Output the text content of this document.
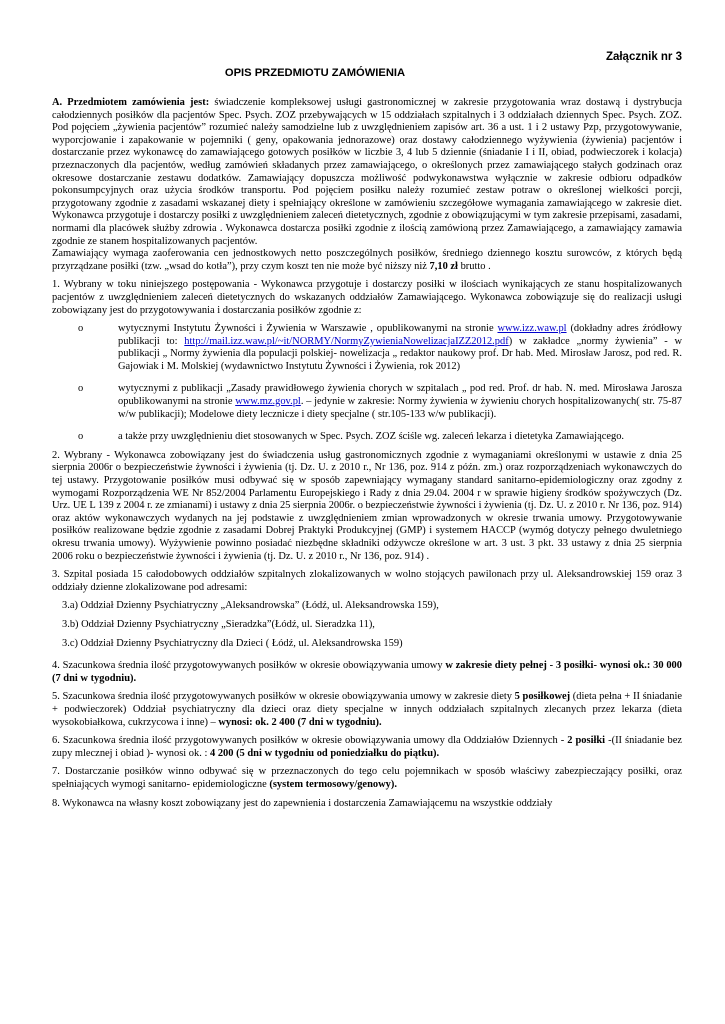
Załącznik nr 3
OPIS PRZEDMIOTU ZAMÓWIENIA

A. Przedmiotem zamówienia jest: świadczenie kompleksowej usługi gastronomicznej w zakresie przygotowania wraz dostawą i dystrybucja całodziennych posiłków dla pacjentów Spec. Psych. ZOZ przebywających w 15 oddziałach szpitalnych i 3 oddziałach dziennych Spec. Psych. ZOZ. Pod pojęciem „żywienia pacjentów” rozumieć należy samodzielne lub z uwzględnieniem zapisów art. 36 a ust. 1 i 2 ustawy Pzp, przygotowywanie, wyporcjowanie i zapakowanie w pojemniki ( geny, opakowania jednorazowe) oraz dostawy całodziennego wyżywienia (żywienia) pacjentów i dostarczanie przez wykonawcę do zamawiającego gotowych posiłków w liczbie 3, 4 lub 5 dziennie (śniadanie I i II, obiad, podwieczorek i kolacja) przeznaczonych dla pacjentów, według zamówień składanych przez zamawiającego, o określonych przez zamawiającego stałych godzinach oraz okresowe dostarczanie zestawu dodatków. Zamawiający dopuszcza możliwość podwykonawstwa wyłącznie w zakresie odbioru odpadków pokonsumpcyjnych oraz użycia środków transportu. Pod pojęciem posiłku należy rozumieć zestaw potraw o określonej wielkości porcji, przygotowany zgodnie z zasadami wskazanej diety i spełniający określone w zamówieniu szczegółowe wymagania zamawiającego w zakresie diet. Wykonawca przygotuje i dostarczy posiłki z uwzględnieniem zaleceń dietetycznych, zgodnie z obowiązującymi w tym zakresie przepisami, zasadami, normami dla placówek służby zdrowia . Wykonawca dostarcza posiłki zgodnie z ilością zamówioną przez Zamawiającego, a zamawiający zamawia zgodnie ze stanem hospitalizowanych pacjentów.

Zamawiający wymaga zaoferowania cen jednostkowych netto poszczególnych posiłków, średniego dziennego kosztu surowców, z których będą przyrządzane posiłki (tzw. „wsad do kotła”), przy czym koszt ten nie może być niższy niż 7,10 zł brutto .

1. Wybrany w toku niniejszego postępowania - Wykonawca przygotuje i dostarczy posiłki w ilościach wynikających ze stanu hospitalizowanych pacjentów z uwzględnieniem zaleceń dietetycznych do wskazanych oddziałów Zamawiającego. Wykonawca zobowiązuje się do realizacji usługi zobowiązany jest do przygotowywania i dostarczania posiłków zgodnie z:

o	wytycznymi Instytutu Żywności i Żywienia w Warszawie , opublikowanymi na stronie www.izz.waw.pl (dokładny adres źródłowy publikacji to: http://mail.izz.waw.pl/~it/NORMY/NormyZywieniaNowelizacjaIZZ2012.pdf) w zakładce „normy żywienia” - w publikacji „ Normy żywienia dla populacji polskiej- nowelizacja „ redaktor naukowy prof. Dr hab. Med. Mirosław Jarosz, pod red. R. Gajowiak i M. Molskiej (wydawnictwo Instytutu Żywności i Żywienia, rok 2012)

o	wytycznymi z publikacji „Zasady prawidłowego żywienia chorych w szpitalach „ pod red. Prof. dr hab. N. med. Mirosława Jarosza opublikowanymi na stronie www.mz.gov.pl. – jedynie w zakresie: Normy żywienia w żywieniu chorych hospitalizowanych( str. 75-87 w/w publikacji); Modelowe diety lecznicze i diety specjalne ( str.105-133 w/w publikacji).

o	a także przy uwzględnieniu diet stosowanych w Spec. Psych. ZOZ ściśle wg. zaleceń lekarza i dietetyka Zamawiającego.

2. Wybrany - Wykonawca zobowiązany jest do świadczenia usług gastronomicznych zgodnie z wymaganiami określonymi w ustawie z dnia 25 sierpnia 2006r o bezpieczeństwie żywności i żywienia (tj. Dz. U. z 2010 r., Nr 136, poz. 914 z późn. zm.) oraz rozporządzeniach wykonawczych do tej ustawy. Przygotowanie posiłków musi odbywać się w sposób zapewniający wymagany standard sanitarno-epidemiologiczny oraz zgodny z wymogami Rozporządzenia WE Nr 852/2004 Parlamentu Europejskiego i Rady z dnia 29.04. 2004 r w sprawie higieny środków spożywczych (Dz. Urz. UE L 139 z 2004 r. ze zmianami) i ustawy z dnia 25 sierpnia 2006r. o bezpieczeństwie żywności i żywienia (tj. Dz. U. z 2010 r. Nr 136, poz. 914) oraz aktów wykonawczych wydanych na jej podstawie z uwzględnieniem zmian wprowadzonych w okresie trwania umowy. Przygotowywanie posiłków realizowane będzie zgodnie z zasadami Dobrej Praktyki Produkcyjnej (GMP) i systemem HACCP (wymóg dotyczy pełnego dwuletniego okresu trwania umowy). Wyżywienie powinno posiadać niezbędne składniki odżywcze określone w art. 3 ust. 3 pkt. 33 ustawy z dnia 25 sierpnia 2006 roku o bezpieczeństwie żywności i żywienia (tj. Dz. U. z 2010 r., Nr 136, poz. 914) .

3. Szpital posiada 15 całodobowych oddziałów szpitalnych zlokalizowanych w wolno stojących pawilonach przy ul. Aleksandrowskiej 159 oraz 3 oddziały dzienne zlokalizowane pod adresami:

3.a) Oddział Dzienny Psychiatryczny „Aleksandrowska” (Łódź, ul. Aleksandrowska 159),

3.b) Oddział Dzienny Psychiatryczny „Sieradzka”(Łódź, ul. Sieradzka 11),

3.c) Oddział Dzienny Psychiatryczny dla Dzieci ( Łódź, ul. Aleksandrowska 159)

4. Szacunkowa średnia ilość przygotowywanych posiłków w okresie obowiązywania umowy w zakresie diety pełnej - 3 posiłki- wynosi ok.: 30 000 (7 dni w tygodniu).

5. Szacunkowa średnia ilość przygotowywanych posiłków w okresie obowiązywania umowy w zakresie diety 5 posiłkowej (dieta pełna + II śniadanie + podwieczorek) Oddział psychiatryczny dla dzieci oraz diety specjalne w innych oddziałach szpitalnych zlecanych przez lekarza (dieta wysokobiałkowa, cukrzycowa i inne) – wynosi: ok. 2 400 (7 dni w tygodniu).

6. Szacunkowa średnia ilość przygotowywanych posiłków w okresie obowiązywania umowy dla Oddziałów Dziennych - 2 posiłki -(II śniadanie bez zupy mlecznej i obiad )- wynosi ok. : 4 200 (5 dni w tygodniu od poniedziałku do piątku).

7. Dostarczanie posiłków winno odbywać się w przeznaczonych do tego celu pojemnikach w sposób właściwy zabezpieczający posiłki, oraz spełniających wymogi sanitarno- epidemiologiczne (system termosowy/genowy).

8. Wykonawca na własny koszt zobowiązany jest do zapewnienia i dostarczenia Zamawiającemu na wszystkie oddziały
